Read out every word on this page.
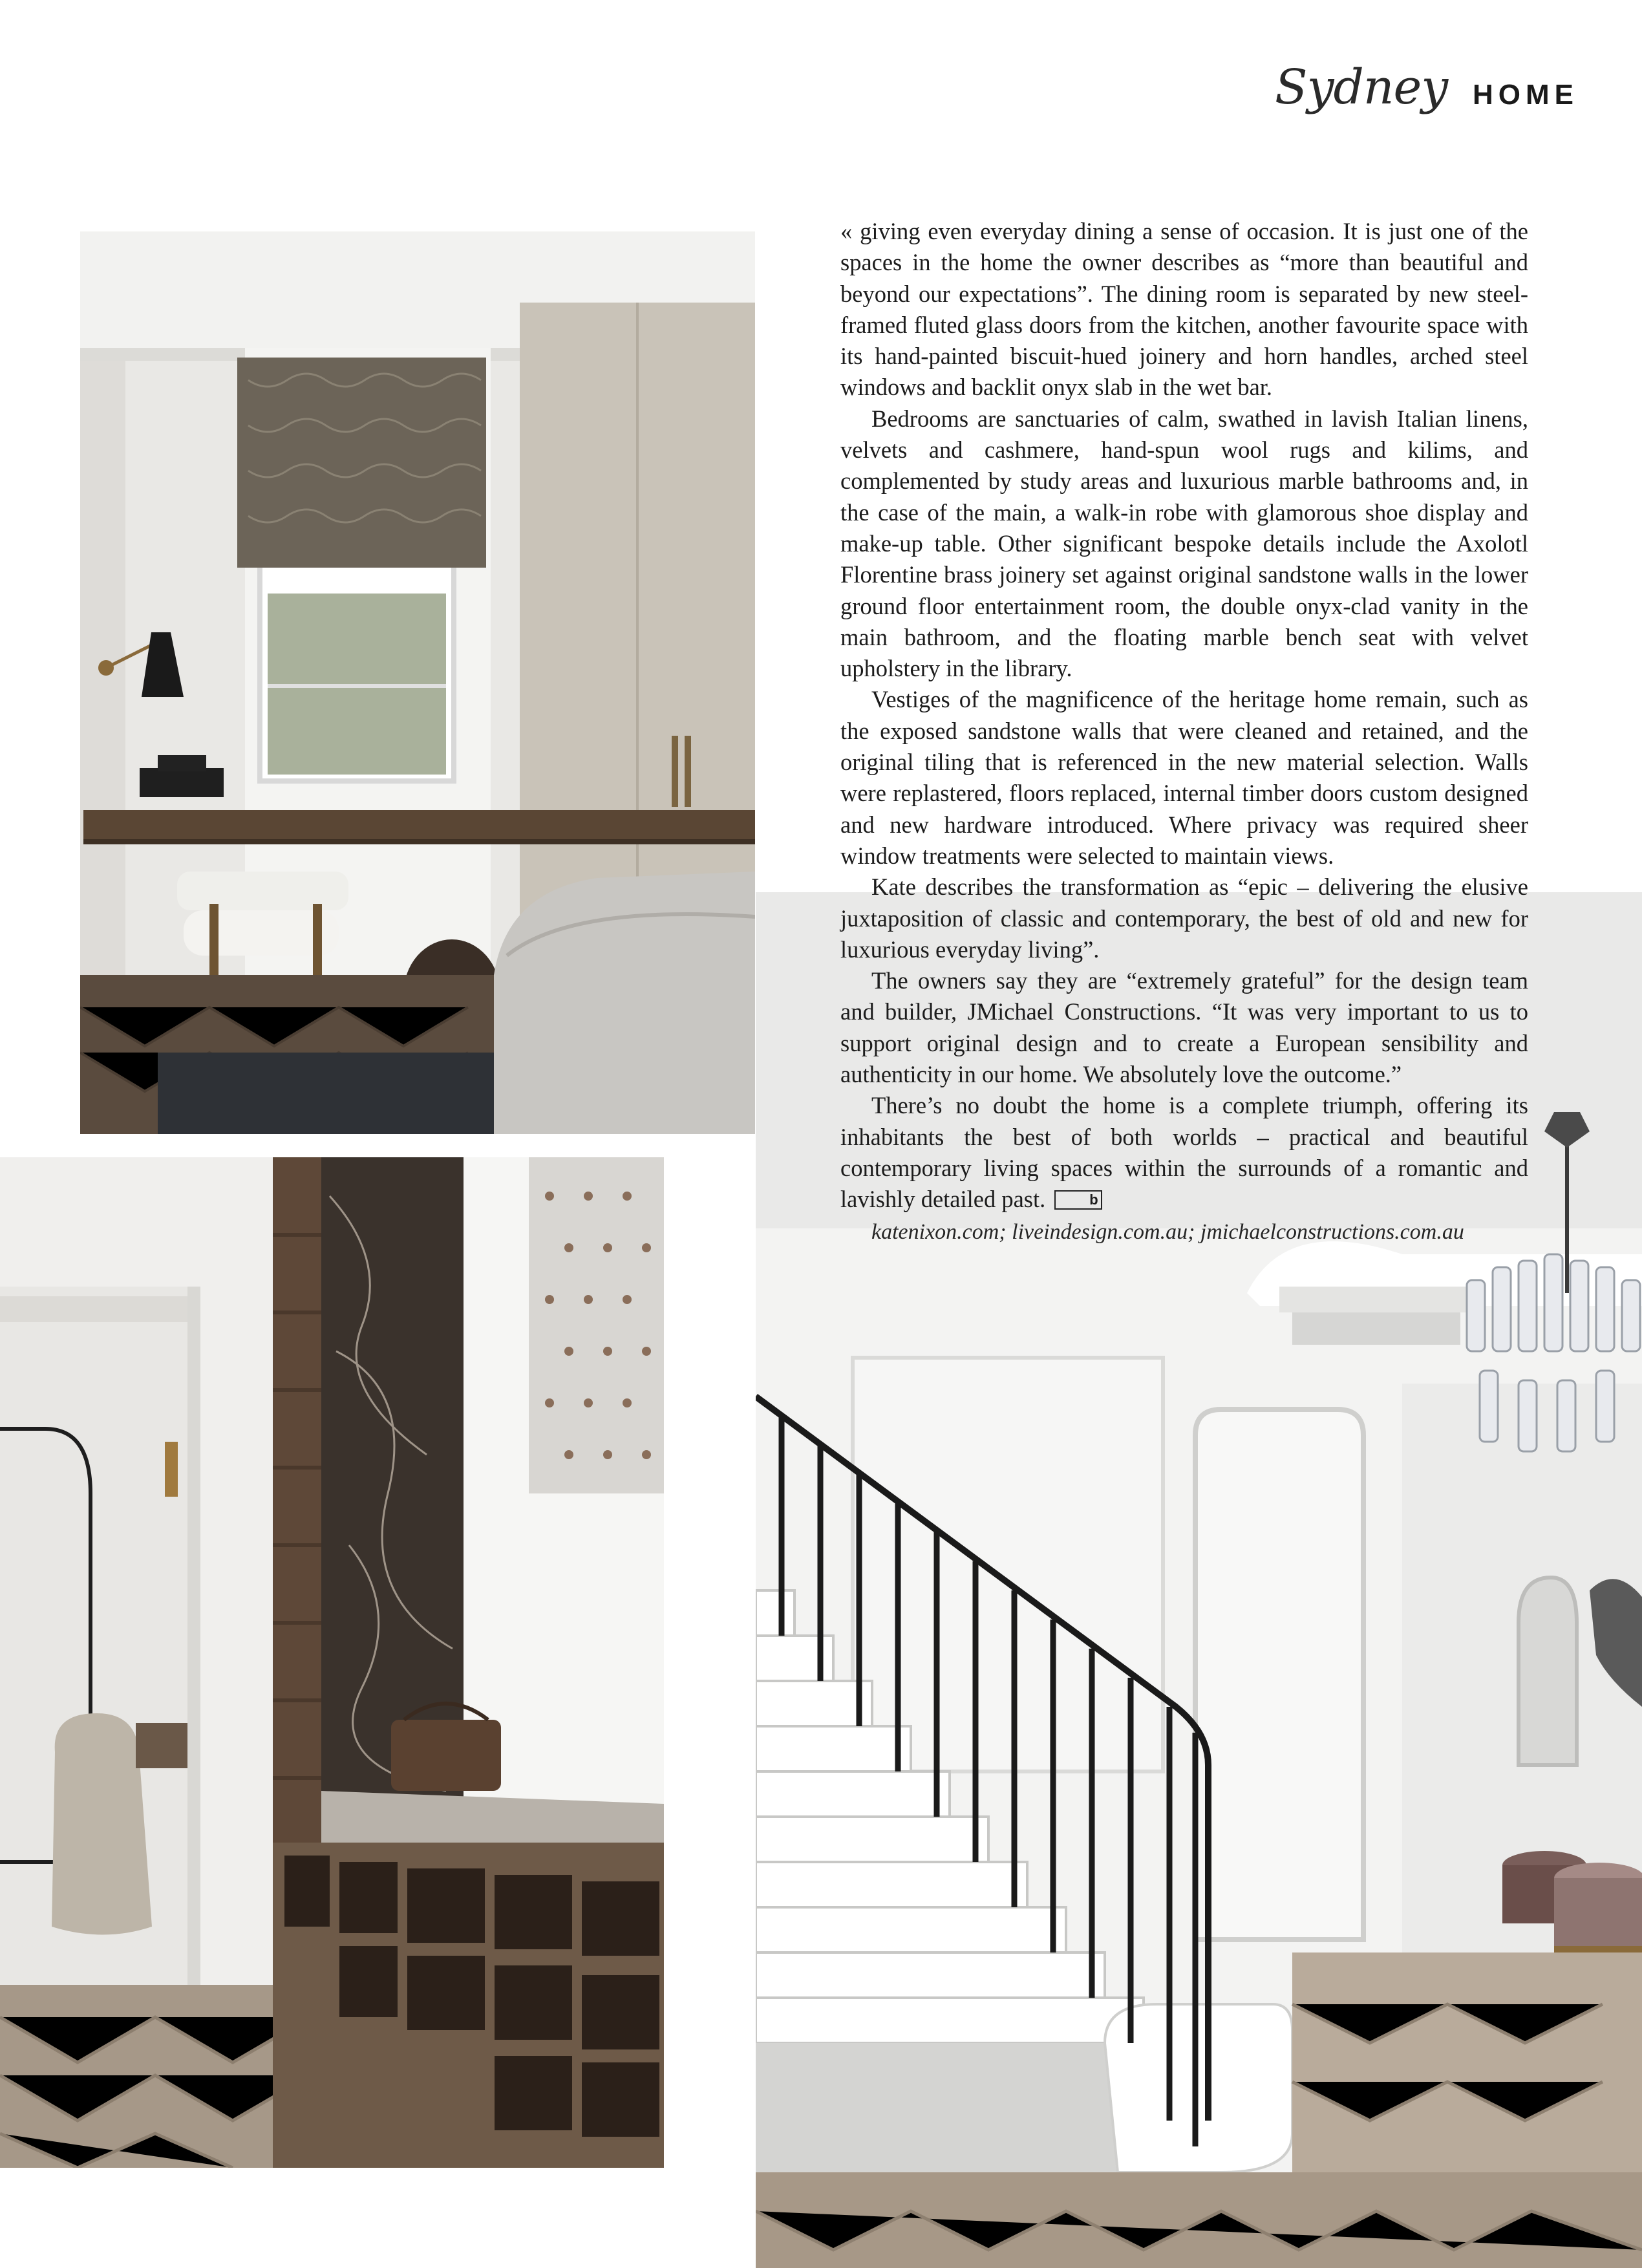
Sydney HOME

« giving even everyday dining a sense of occasion. It is just one of the spaces in the home the owner describes as “more than beautiful and beyond our expectations”. The dining room is separated by new steel-framed fluted glass doors from the kitchen, another favourite space with its hand-painted biscuit-hued joinery and horn handles, arched steel windows and backlit onyx slab in the wet bar.

Bedrooms are sanctuaries of calm, swathed in lavish Italian linens, velvets and cashmere, hand-spun wool rugs and kilims, and complemented by study areas and luxurious marble bathrooms and, in the case of the main, a walk-in robe with glamorous shoe display and make-up table. Other significant bespoke details include the Axolotl Florentine brass joinery set against original sandstone walls in the lower ground floor entertainment room, the double onyx-clad vanity in the main bathroom, and the floating marble bench seat with velvet upholstery in the library.

Vestiges of the magnificence of the heritage home remain, such as the exposed sandstone walls that were cleaned and retained, and the original tiling that is referenced in the new material selection. Walls were replastered, floors replaced, internal timber doors custom designed and new hardware introduced. Where privacy was required sheer window treatments were selected to maintain views.

Kate describes the transformation as “epic – delivering the elusive juxtaposition of classic and contemporary, the best of old and new for luxurious everyday living”.

The owners say they are “extremely grateful” for the design team and builder, JMichael Constructions. “It was very important to us to support original design and to create a European sensibility and authenticity in our home. We absolutely love the outcome.”

There’s no doubt the home is a complete triumph, offering its inhabitants the best of both worlds – practical and beautiful contemporary living spaces within the surrounds of a romantic and lavishly detailed past.	b

katenixon.com; liveindesign.com.au; jmichaelconstructions.com.au
